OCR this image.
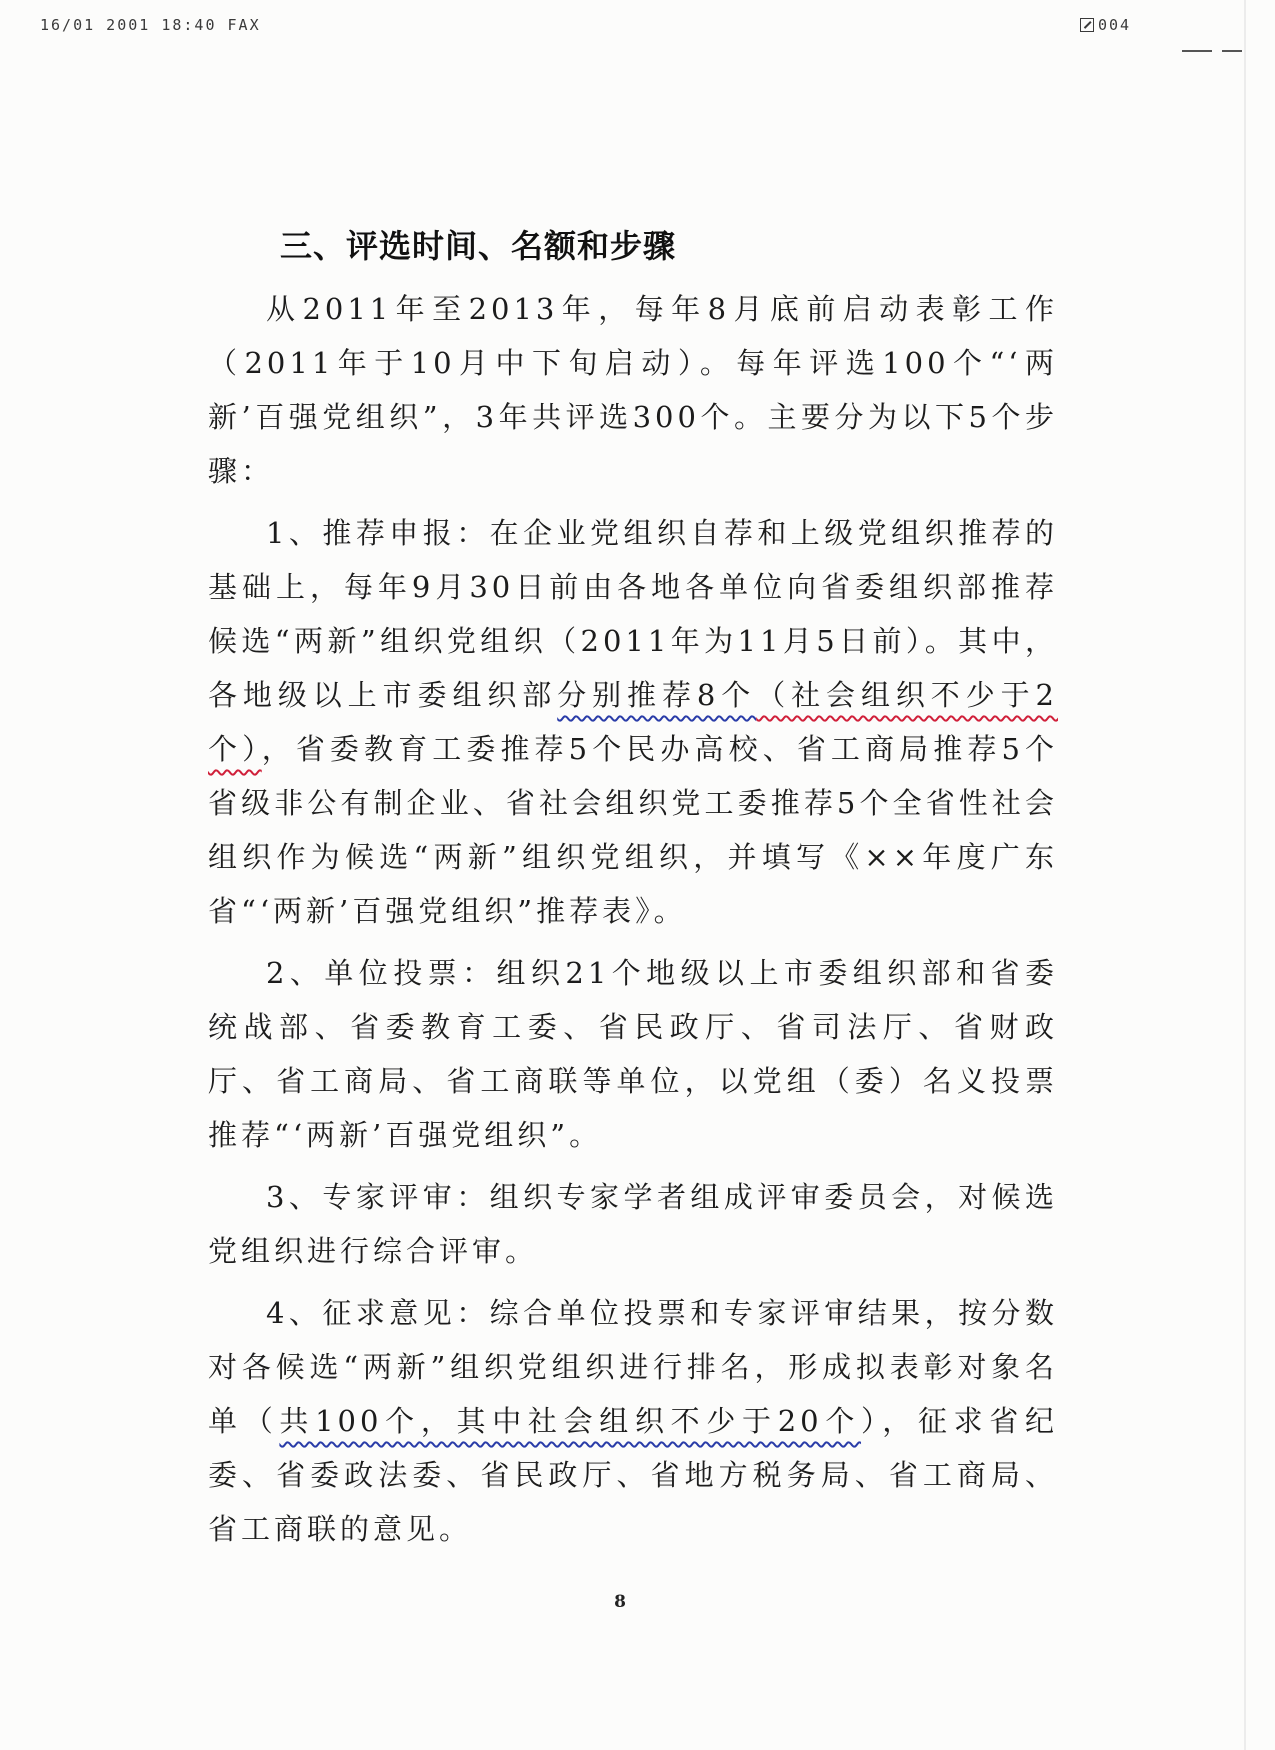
16/01 2001 18:40 FAX	004
三、评选时间、名额和步骤

从2011年至2013年，每年8月底前启动表彰工作（2011年于10月中下旬启动）。每年评选100个“‘两新’百强党组织”，3年共评选300个。主要分为以下5个步骤：

1、推荐申报：在企业党组织自荐和上级党组织推荐的基础上，每年9月30日前由各地各单位向省委组织部推荐候选“两新”组织党组织（2011年为11月5日前）。其中，各地级以上市委组织部分别推荐8个（社会组织不少于2个），省委教育工委推荐5个民办高校、省工商局推荐5个省级非公有制企业、省社会组织党工委推荐5个全省性社会组织作为候选“两新”组织党组织，并填写《××年度广东省“‘两新’百强党组织”推荐表》。

2、单位投票：组织21个地级以上市委组织部和省委统战部、省委教育工委、省民政厅、省司法厅、省财政厅、省工商局、省工商联等单位，以党组（委）名义投票推荐“‘两新’百强党组织”。

3、专家评审：组织专家学者组成评审委员会，对候选党组织进行综合评审。

4、征求意见：综合单位投票和专家评审结果，按分数对各候选“两新”组织党组织进行排名，形成拟表彰对象名单（共100个，其中社会组织不少于20个），征求省纪委、省委政法委、省民政厅、省地方税务局、省工商局、省工商联的意见。

8
